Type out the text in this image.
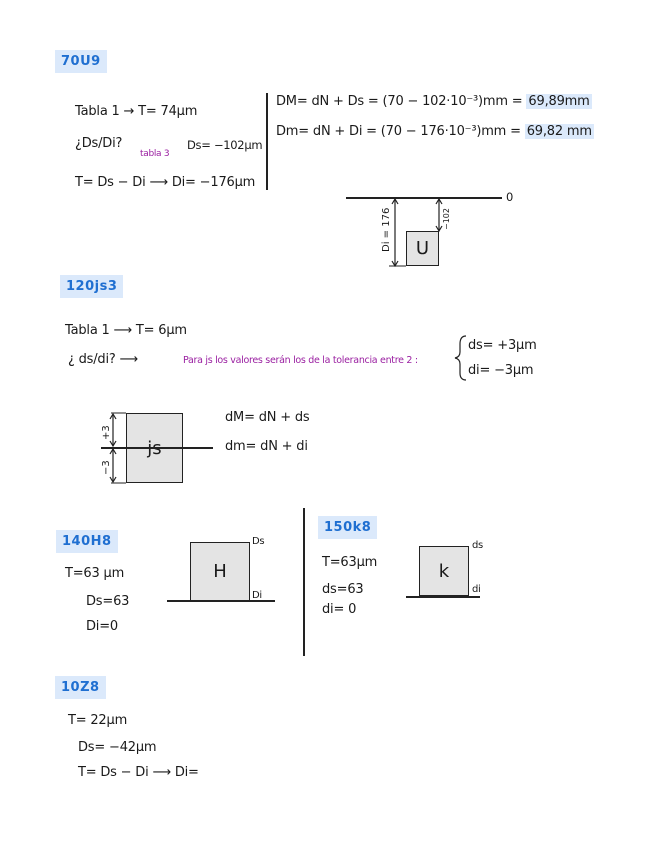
70U9
Tabla 1 → T= 74µm
¿Ds/Di?
tabla 3
Ds= −102µm
T= Ds − Di ⟶ Di= −176µm
DM= dN + Ds = (70 − 102·10⁻³)mm = 69,89mm
Dm= dN + Di = (70 − 176·10⁻³)mm = 69,82 mm
0
U
Di = 176	−102
120js3
Tabla 1 ⟶ T= 6µm
¿ ds/di? ⟶	Para js los valores serán los de la tolerancia entre 2 :
ds= +3µm
di= −3µm
+3
−3
dM= dN + ds
dm= dN + di
140H8
T=63 µm
Ds=63
Di=0
H
Ds
Di
150k8
T=63µm
ds=63
di= 0
k
ds
di
10Z8
T= 22µm
Ds= −42µm
T= Ds − Di ⟶ Di=
